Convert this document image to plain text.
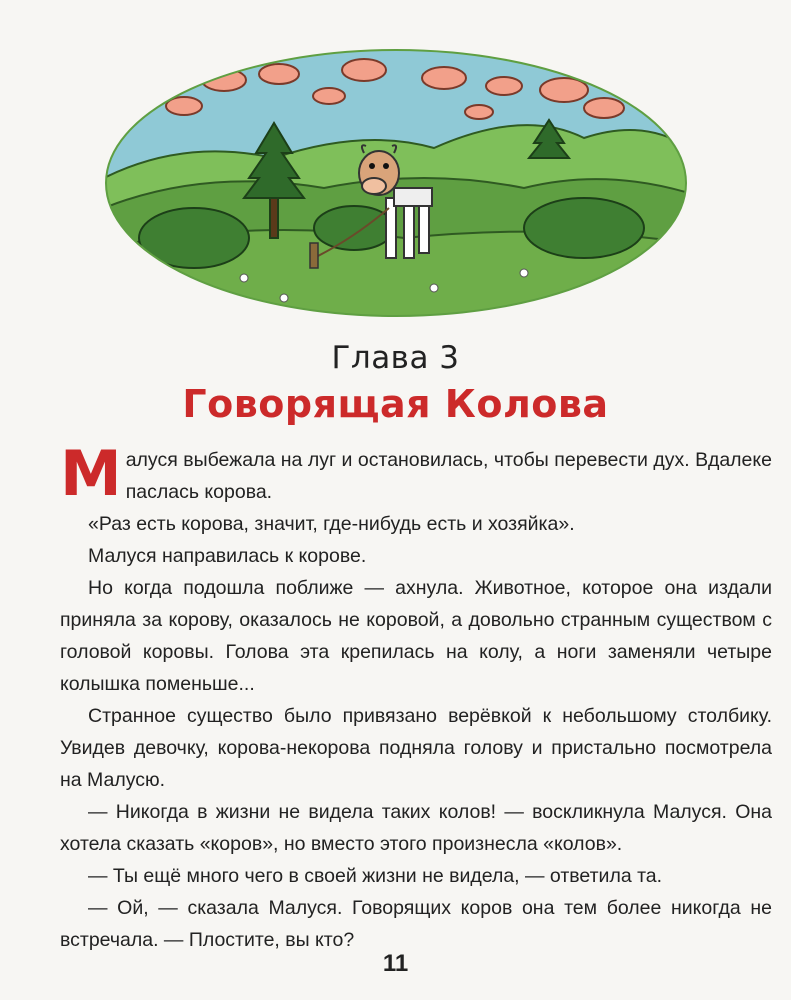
Глава 3
Говорящая Колова

Малуся выбежала на луг и остановилась, чтобы перевести дух. Вдалеке паслась корова.

«Раз есть корова, значит, где-нибудь есть и хозяйка».

Малуся направилась к корове.

Но когда подошла поближе — ахнула. Животное, которое она издали приняла за корову, оказалось не коровой, а довольно странным существом с головой коровы. Голова эта крепилась на колу, а ноги заменяли четыре колышка поменьше...

Странное существо было привязано верёвкой к небольшому столбику. Увидев девочку, корова-некорова подняла голову и пристально посмотрела на Малусю.

— Никогда в жизни не видела таких колов! — воскликнула Малуся. Она хотела сказать «коров», но вместо этого произнесла «колов».

— Ты ещё много чего в своей жизни не видела, — ответила та.

— Ой, — сказала Малуся. Говорящих коров она тем более никогда не встречала. — Плостите, вы кто?

11
